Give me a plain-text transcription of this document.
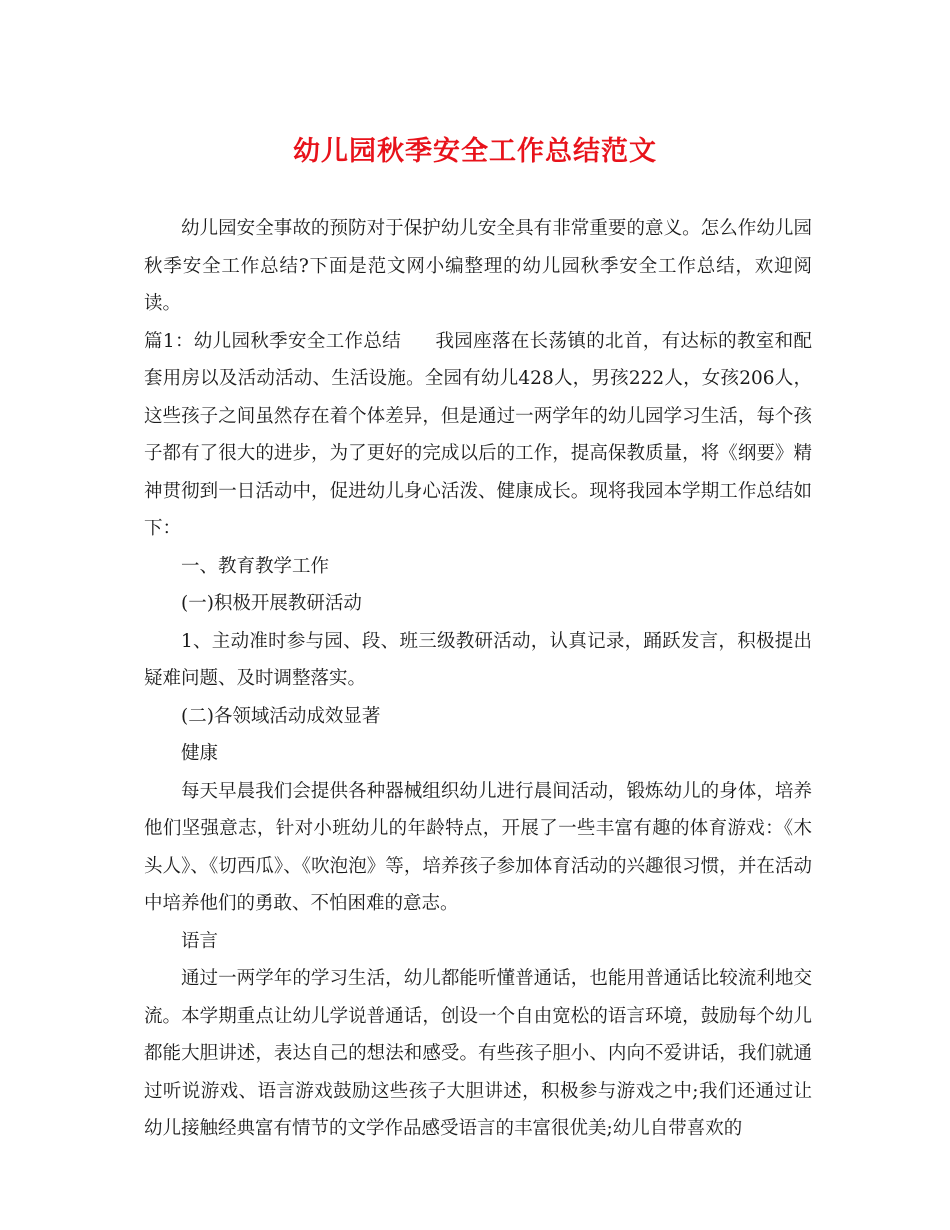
幼儿园秋季安全工作总结范文

幼儿园安全事故的预防对于保护幼儿安全具有非常重要的意义。怎么作幼儿园秋季安全工作总结?下面是范文网小编整理的幼儿园秋季安全工作总结，欢迎阅读。

篇1：幼儿园秋季安全工作总结 我园座落在长荡镇的北首，有达标的教室和配套用房以及活动活动、生活设施。全园有幼儿428人，男孩222人，女孩206人，这些孩子之间虽然存在着个体差异，但是通过一两学年的幼儿园学习生活，每个孩子都有了很大的进步，为了更好的完成以后的工作，提高保教质量，将《纲要》精神贯彻到一日活动中，促进幼儿身心活泼、健康成长。现将我园本学期工作总结如下：

一、教育教学工作

(一)积极开展教研活动

1、主动准时参与园、段、班三级教研活动，认真记录，踊跃发言，积极提出疑难问题、及时调整落实。

(二)各领域活动成效显著

健康

每天早晨我们会提供各种器械组织幼儿进行晨间活动，锻炼幼儿的身体，培养他们坚强意志，针对小班幼儿的年龄特点，开展了一些丰富有趣的体育游戏：《木头人》、《切西瓜》、《吹泡泡》等，培养孩子参加体育活动的兴趣很习惯，并在活动中培养他们的勇敢、不怕困难的意志。

语言

通过一两学年的学习生活，幼儿都能听懂普通话，也能用普通话比较流利地交流。本学期重点让幼儿学说普通话，创设一个自由宽松的语言环境，鼓励每个幼儿都能大胆讲述，表达自己的想法和感受。有些孩子胆小、内向不爱讲话，我们就通过听说游戏、语言游戏鼓励这些孩子大胆讲述，积极参与游戏之中;我们还通过让幼儿接触经典富有情节的文学作品感受语言的丰富很优美;幼儿自带喜欢的
